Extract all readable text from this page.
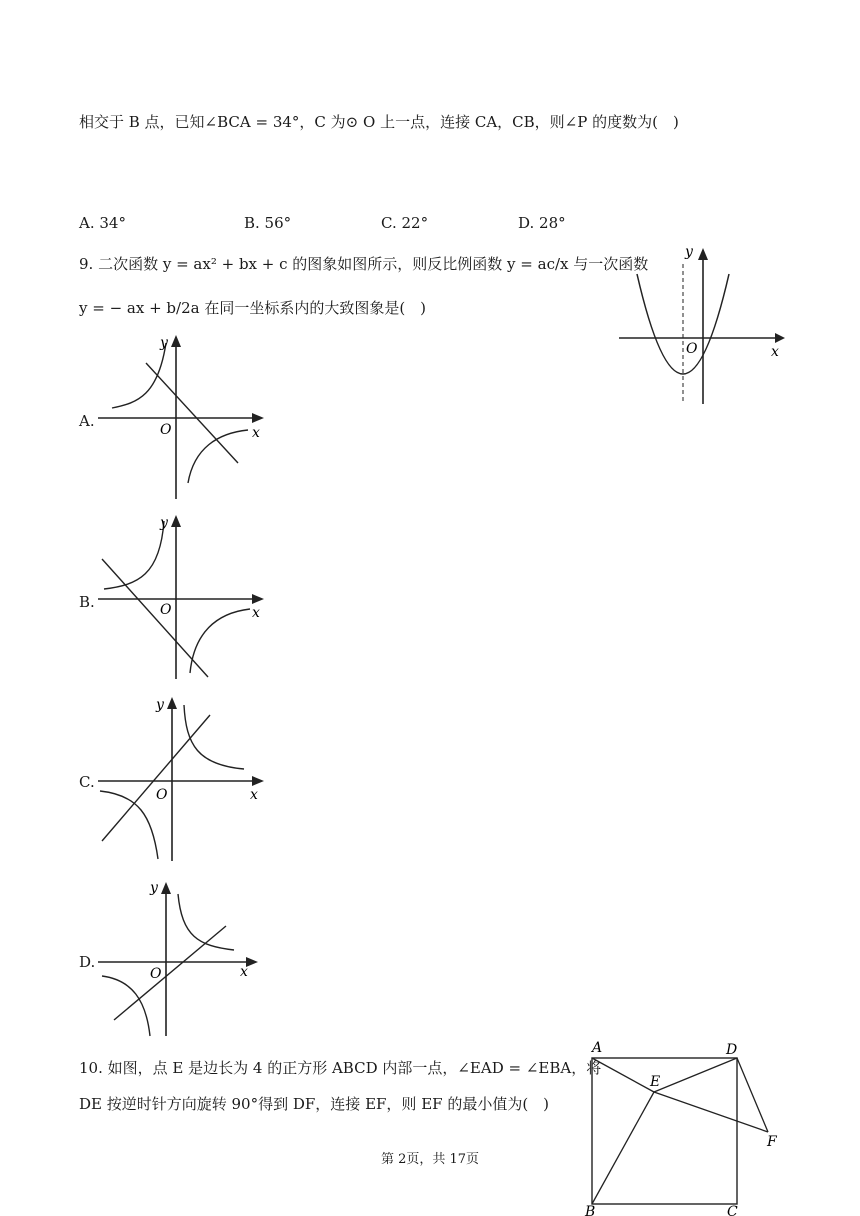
相交于 B 点，已知∠BCA = 34°，C 为⊙ O 上一点，连接 CA，CB，则∠P 的度数为(　)
A. 34°	B. 56°	C. 22°	D. 28°
9. 二次函数 y = ax² + bx + c 的图象如图所示，则反比例函数 y = ac/x 与一次函数
y = − ax + b/2a 在同一坐标系内的大致图象是(　)
y
x
O
A.
y
x
O
B.
y
x
O
C.
y
x
O
D.
y
x
O
10. 如图，点 E 是边长为 4 的正方形 ABCD 内部一点，∠EAD = ∠EBA，将
DE 按逆时针方向旋转 90°得到 DF，连接 EF，则 EF 的最小值为(　)
A	D
E
F
B	C
第 2页，共 17页
